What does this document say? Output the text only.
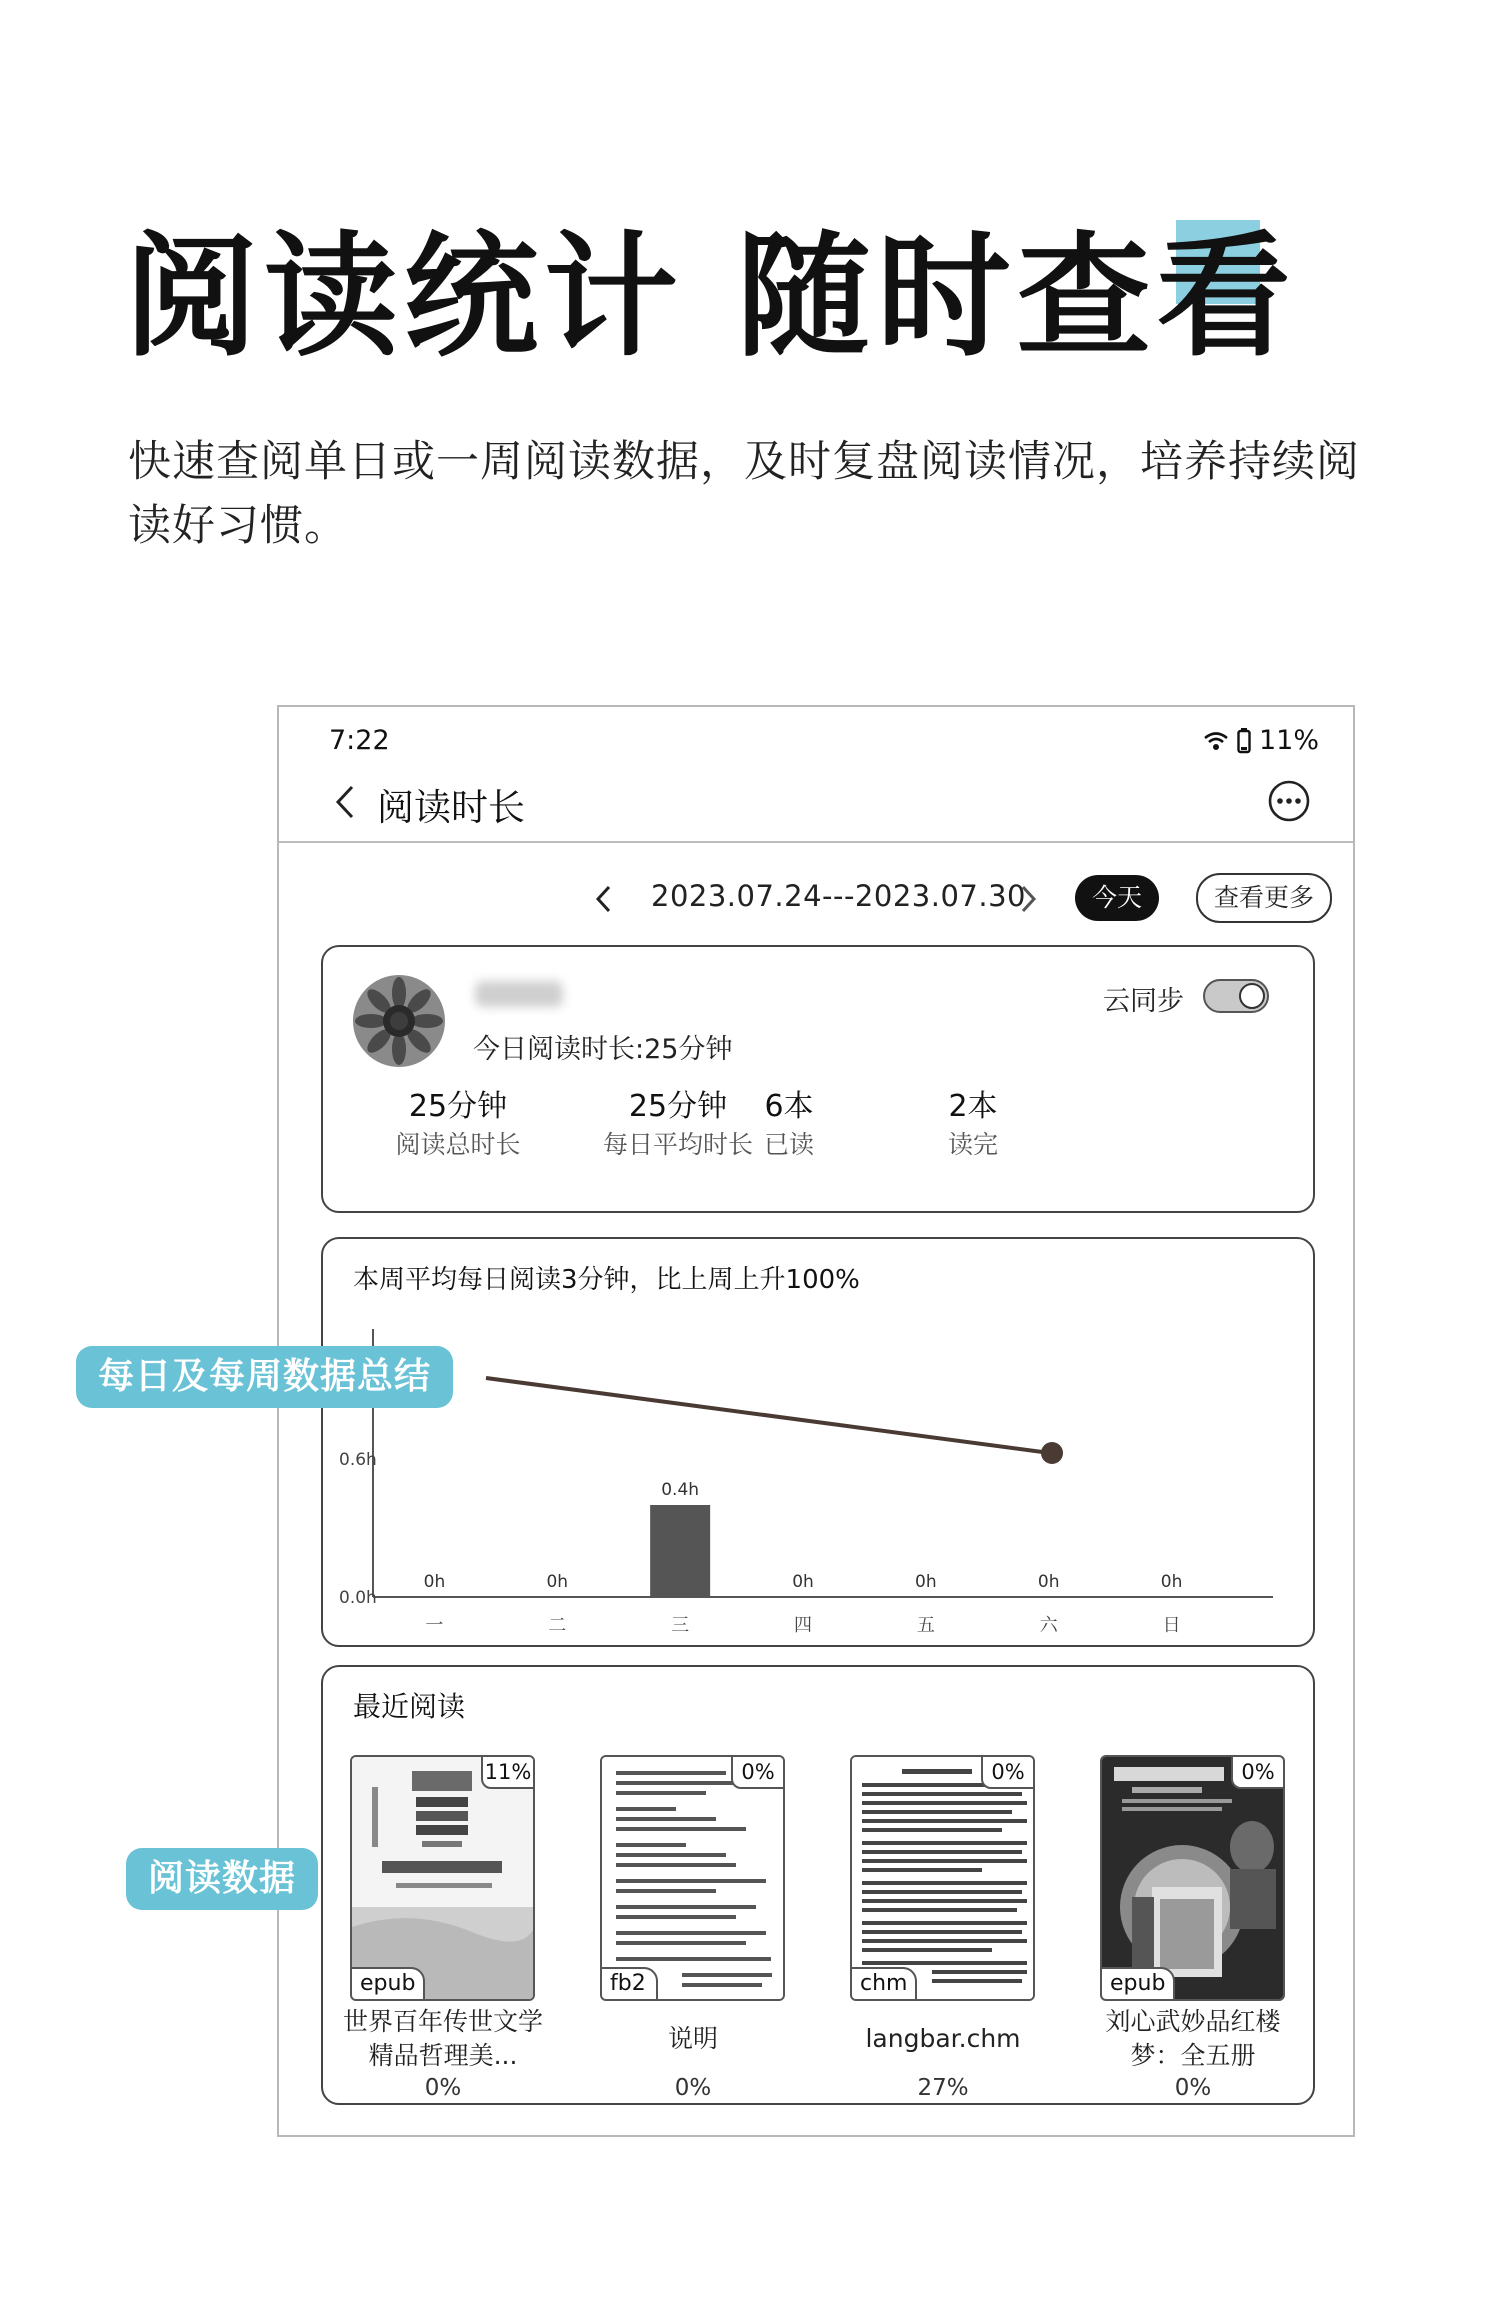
阅读统计 随时查看

快速查阅单日或一周阅读数据，及时复盘阅读情况，培养持续阅读好习惯。

7:22	11%
阅读时长
2023.07.24---2023.07.30	今天	查看更多
今日阅读时长:25分钟
云同步
25分钟
阅读总时长
25分钟
每日平均时长
6本
已读
2本
读完
本周平均每日阅读3分钟，比上周上升100%
0.0h
0.6h
0h
一
0h
二
0.4h
三
0h
四
0h
五
0h
六
0h
日
最近阅读
11%
epub
世界百年传世文学精品哲理美...
0%
0%
fb2
说明
0%
0%
chm
langbar.chm
27%
0%
epub
刘心武妙品红楼梦：全五册
0%
每日及每周数据总结
阅读数据
